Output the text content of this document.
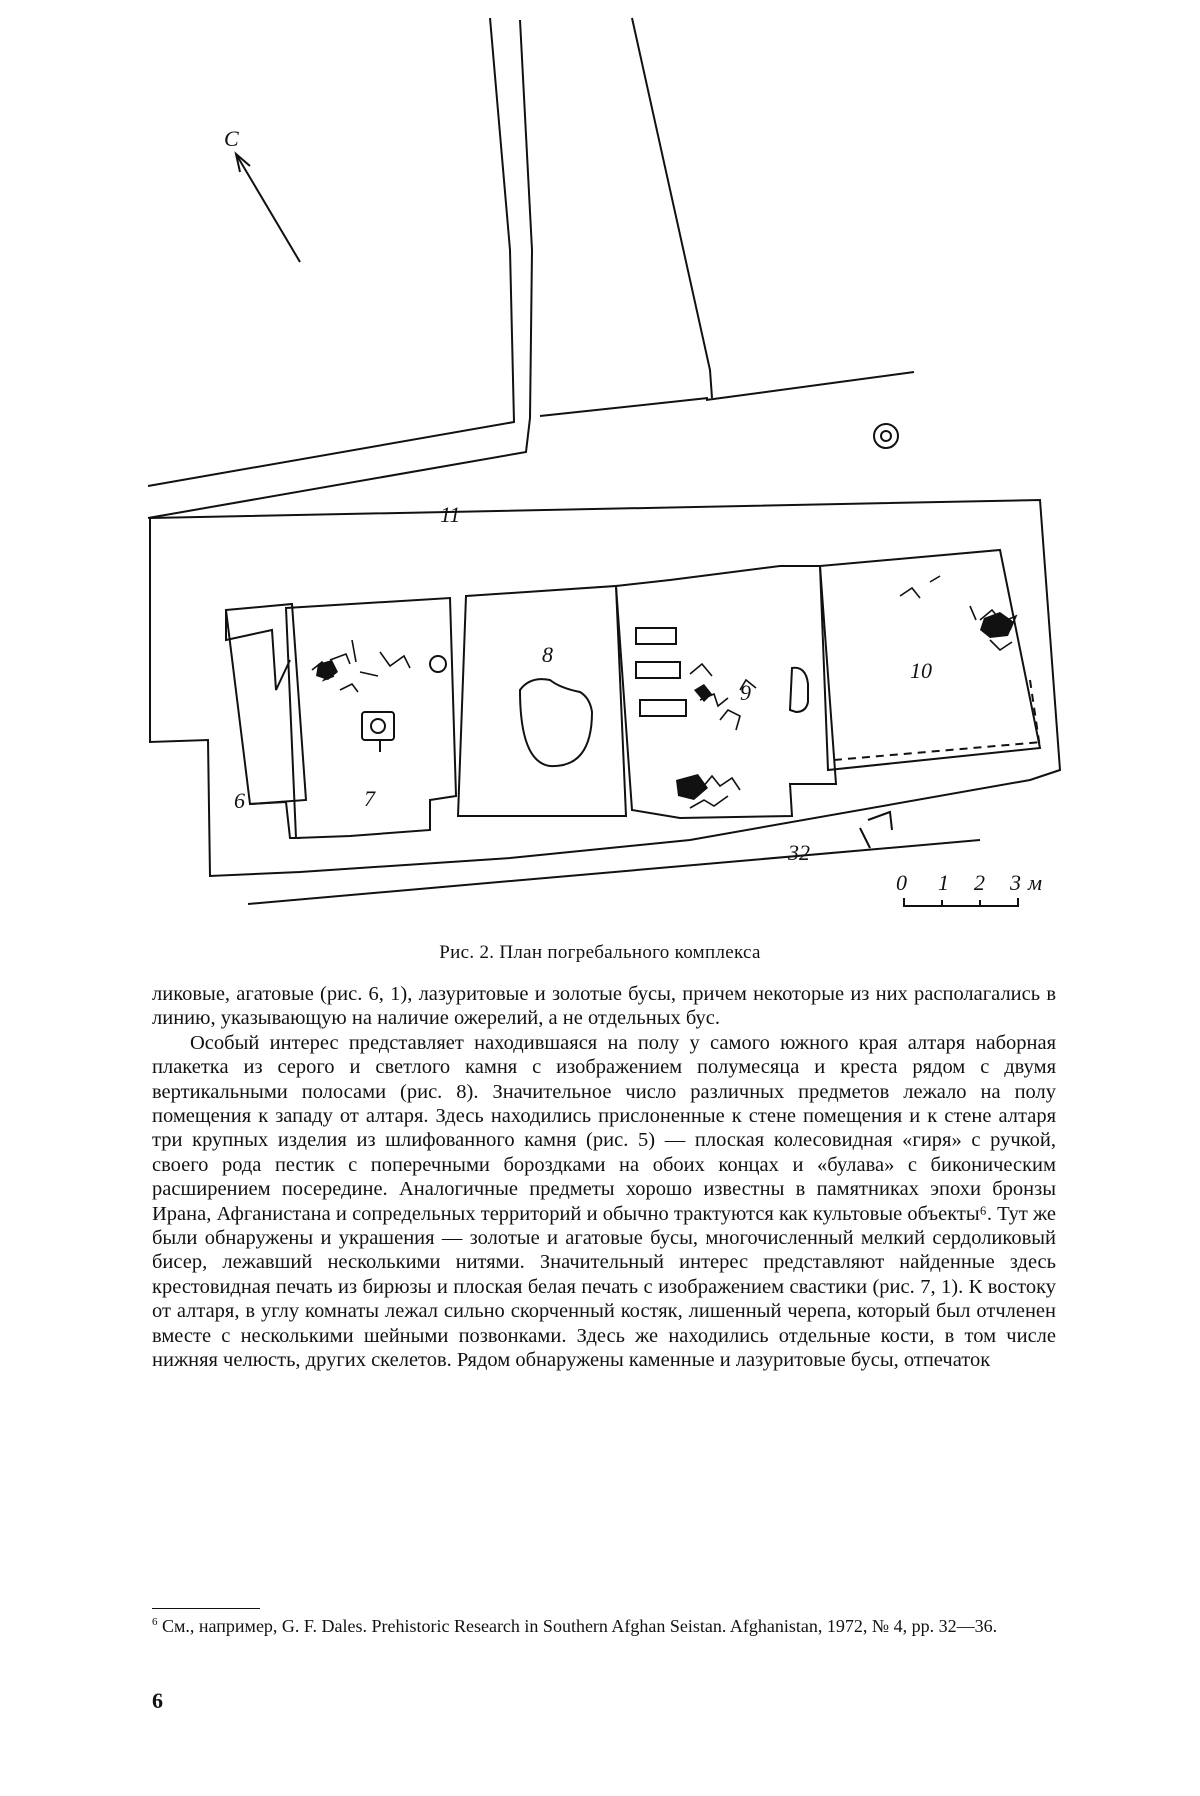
C
11
8
9
10
6	7
32
0 1 2 3 м
Рис. 2. План погребального комплекса

ликовые, агатовые (рис. 6, 1), лазуритовые и золотые бусы, причем некоторые из них располагались в линию, указывающую на наличие ожерелий, а не отдельных бус.

Особый интерес представляет находившаяся на полу у самого южного края алтаря наборная плакетка из серого и светлого камня с изображением полумесяца и креста рядом с двумя вертикальными полосами (рис. 8). Значительное число различных предметов лежало на полу помещения к западу от алтаря. Здесь находились прислоненные к стене помещения и к стене алтаря три крупных изделия из шлифованного камня (рис. 5) — плоская колесовидная «гиря» с ручкой, своего рода пестик с поперечными бороздками на обоих концах и «булава» с биконическим расширением посередине. Аналогичные предметы хорошо известны в памятниках эпохи бронзы Ирана, Афганистана и сопредельных территорий и обычно трактуются как культовые объекты⁶. Тут же были обнаружены и украшения — золотые и агатовые бусы, многочисленный мелкий сердоликовый бисер, лежавший несколькими нитями. Значительный интерес представляют найденные здесь крестовидная печать из бирюзы и плоская белая печать с изображением свастики (рис. 7, 1). К востоку от алтаря, в углу комнаты лежал сильно скорченный костяк, лишенный черепа, который был отчленен вместе с несколькими шейными позвонками. Здесь же находились отдельные кости, в том числе нижняя челюсть, других скелетов. Рядом обнаружены каменные и лазуритовые бусы, отпечаток

$^6$ См., например, G. F. Dales. Prehistoric Research in Southern Afghan Seistan. Afghanistan, 1972, № 4, pp. 32—36.
6
